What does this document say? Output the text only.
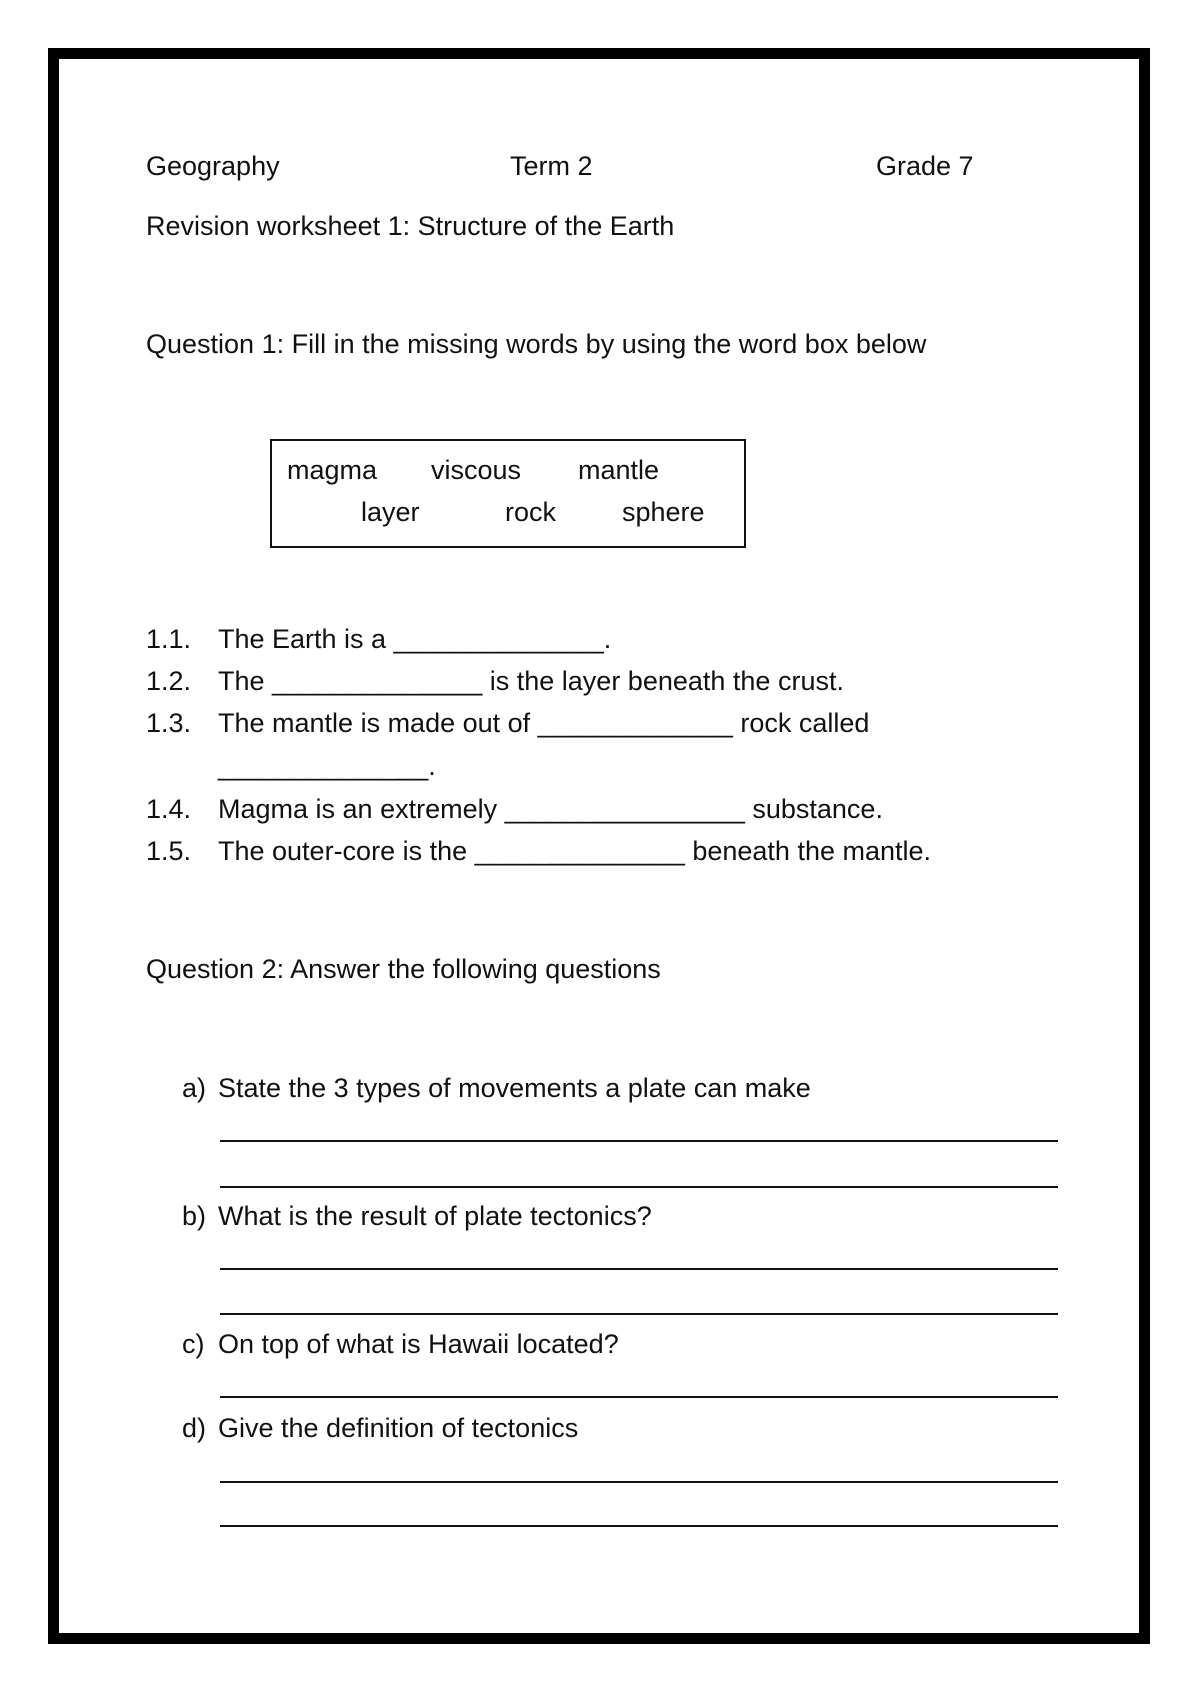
Geography	Term 2	Grade 7
Revision worksheet 1: Structure of the Earth
Question 1: Fill in the missing words by using the word box below
magma viscous mantle
layer	rock sphere
1.1. The Earth is a ______________.
1.2. The ______________ is the layer beneath the crust.
1.3. The mantle is made out of _____________ rock called
______________.
1.4. Magma is an extremely ________________ substance.
1.5. The outer-core is the ______________ beneath the mantle.
Question 2: Answer the following questions
a) State the 3 types of movements a plate can make
b) What is the result of plate tectonics?
c) On top of what is Hawaii located?
d) Give the definition of tectonics
